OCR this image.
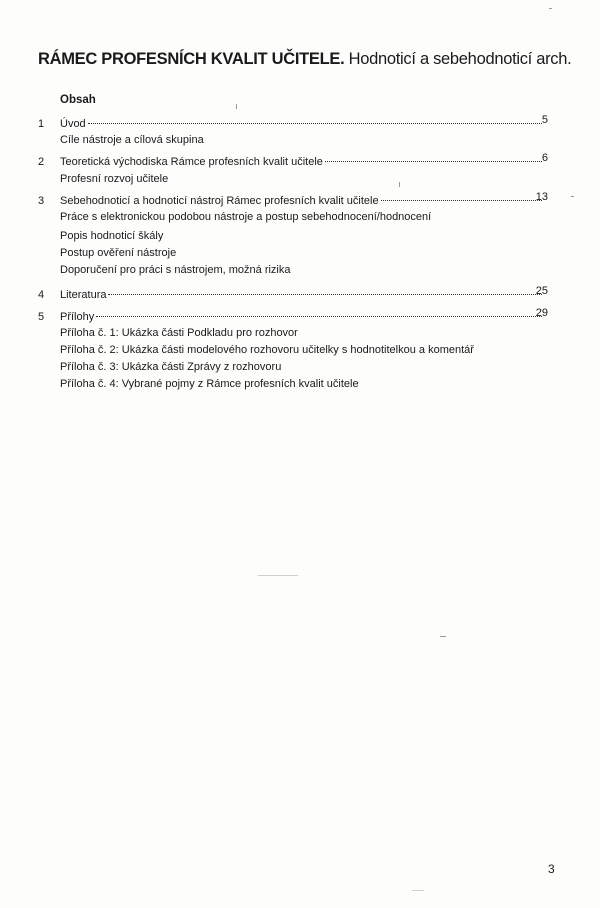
RÁMEC PROFESNÍCH KVALIT UČITELE. Hodnoticí a sebehodnoticí arch.
Obsah
1	Úvod	5
Cíle nástroje a cílová skupina
2	Teoretická východiska Rámce profesních kvalit učitele	6
Profesní rozvoj učitele
3	Sebehodnoticí a hodnoticí nástroj Rámec profesních kvalit učitele	13
Práce s elektronickou podobou nástroje a postup sebehodnocení/hodnocení
Popis hodnoticí škály
Postup ověření nástroje
Doporučení pro práci s nástrojem, možná rizika
4	Literatura	25
5	Přílohy	29
Příloha č. 1: Ukázka části Podkladu pro rozhovor
Příloha č. 2: Ukázka části modelového rozhovoru učitelky s hodnotitelkou a komentář
Příloha č. 3: Ukázka části Zprávy z rozhovoru
Příloha č. 4: Vybrané pojmy z Rámce profesních kvalit učitele
3
